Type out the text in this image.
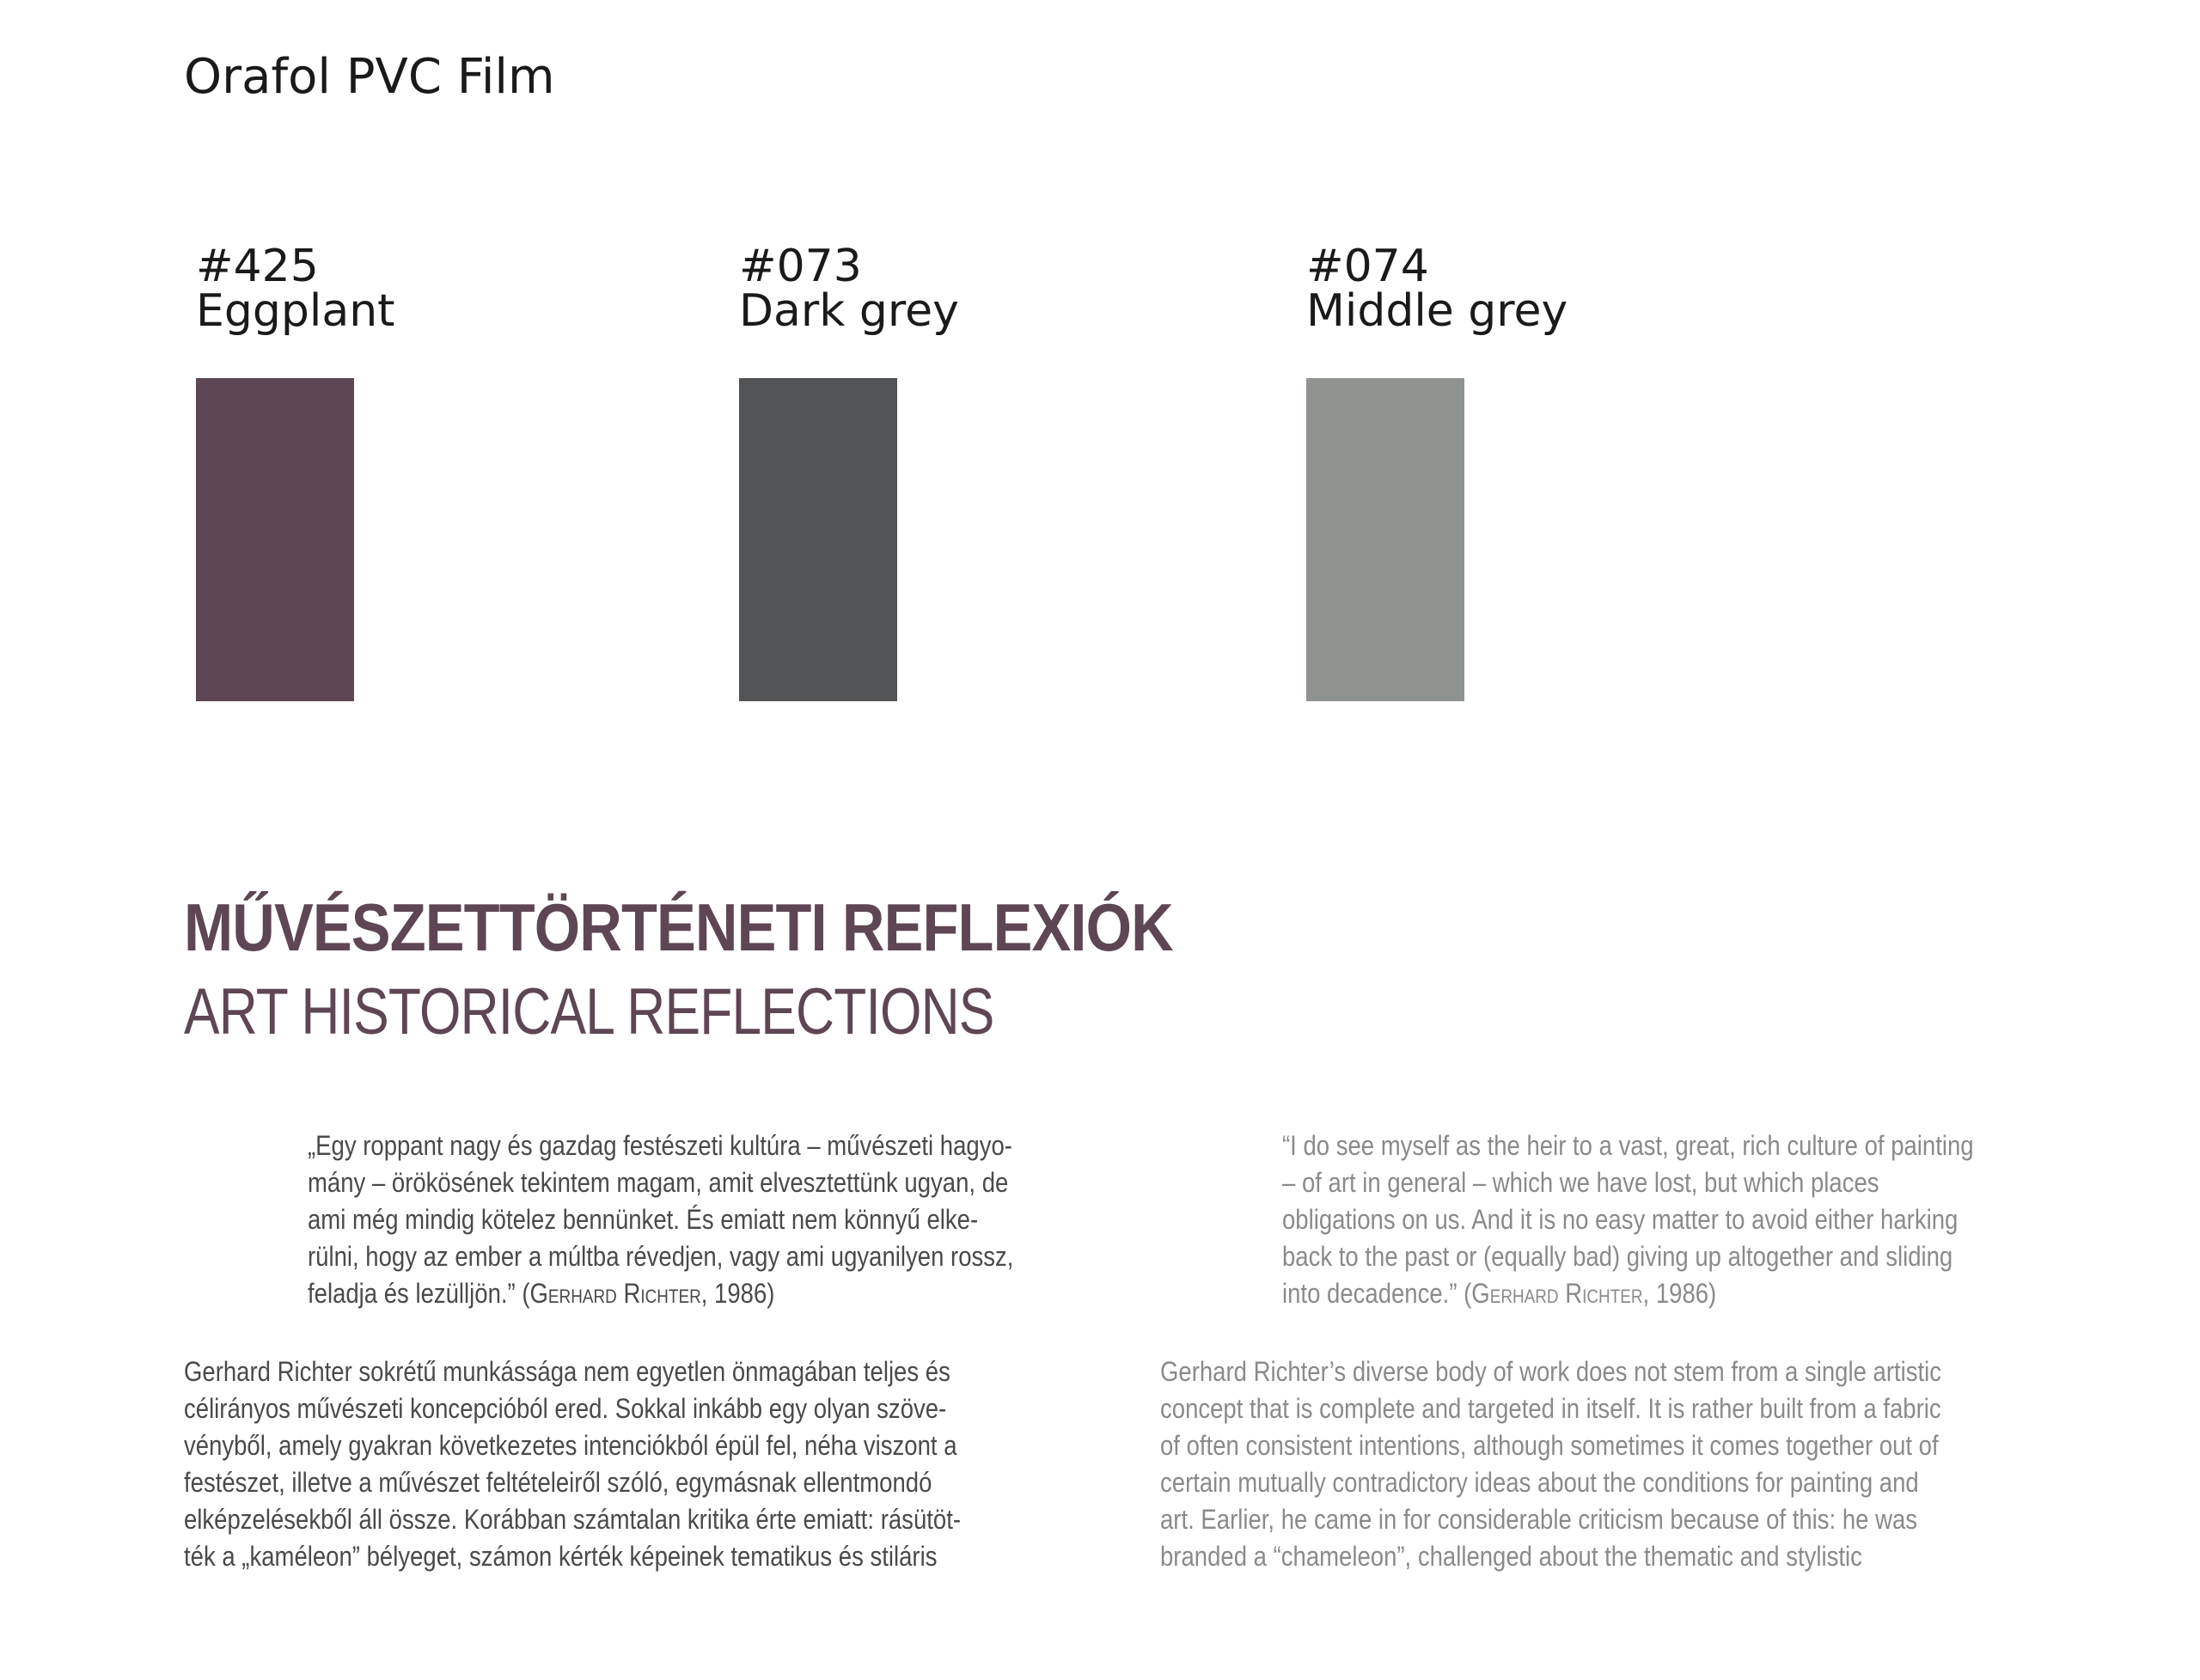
Orafol PVC Film
#425
Eggplant
#073
Dark grey
#074
Middle grey
MŰVÉSZETTÖRTÉNETI REFLEXIÓK
ART HISTORICAL REFLECTIONS
„Egy roppant nagy és gazdag festészeti kultúra – művészeti hagyo-
mány – örökösének tekintem magam, amit elvesztettünk ugyan, de
ami még mindig kötelez bennünket. És emiatt nem könnyű elke-
rülni, hogy az ember a múltba révedjen, vagy ami ugyanilyen rossz,
feladja és lezülljön.” (Gerhard Richter, 1986)
“I do see myself as the heir to a vast, great, rich culture of painting
– of art in general – which we have lost, but which places
obligations on us. And it is no easy matter to avoid either harking
back to the past or (equally bad) giving up altogether and sliding
into decadence.” (Gerhard Richter, 1986)
Gerhard Richter sokrétű munkássága nem egyetlen önmagában teljes és
célirányos művészeti koncepcióból ered. Sokkal inkább egy olyan szöve-
vényből, amely gyakran következetes intenciókból épül fel, néha viszont a
festészet, illetve a művészet feltételeiről szóló, egymásnak ellentmondó
elképzelésekből áll össze. Korábban számtalan kritika érte emiatt: rásütöt-
ték a „kaméleon” bélyeget, számon kérték képeinek tematikus és stiláris
Gerhard Richter’s diverse body of work does not stem from a single artistic
concept that is complete and targeted in itself. It is rather built from a fabric
of often consistent intentions, although sometimes it comes together out of
certain mutually contradictory ideas about the conditions for painting and
art. Earlier, he came in for considerable criticism because of this: he was
branded a “chameleon”, challenged about the thematic and stylistic
